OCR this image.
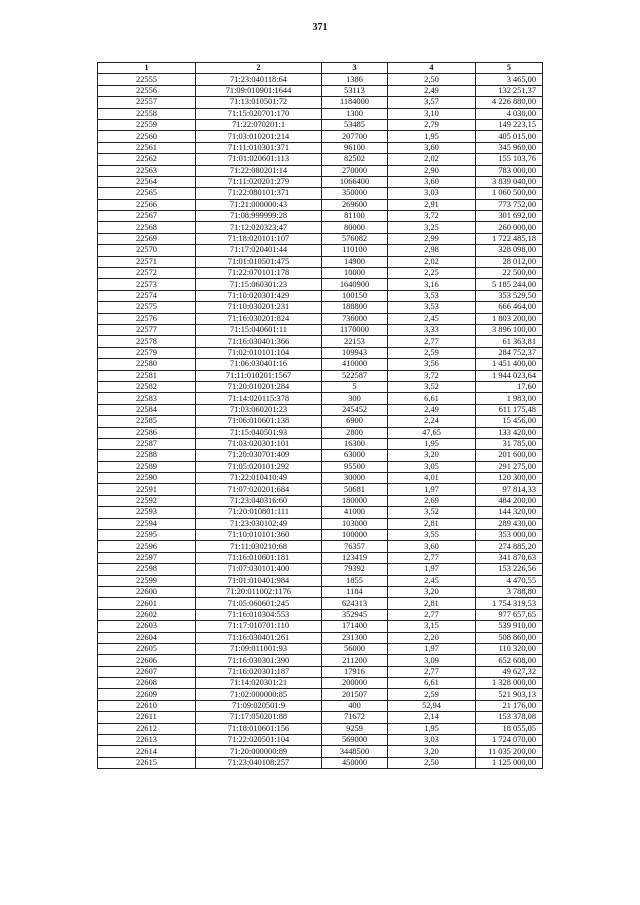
371
1	2	3	4	5
22555	71:23:040118:64	1386	2,50	3 465,00
22556	71:09:010901:1644	53113	2,49	132 251,37
22557	71:13:010501:72	1184000	3,57	4 226 880,00
22558	71:15:020701:170	1300	3,10	4 030,00
22559	71:22:070201:1	53485	2,79	149 223,15
22560	71:03:010201:214	207700	1,95	405 015,00
22561	71:11:010301:371	96100	3,60	345 960,00
22562	71:01:020601:113	82502	2,02	155 103,76
22563	71:22:080201:14	270000	2,90	783 000,00
22564	71:11:020201:279	1066400	3,60	3 839 040,00
22565	71:22:080101:371	350000	3,03	1 060 500,00
22566	71:21:000000:43	269600	2,91	773 752,00
22567	71:08:999999:28	81100	3,72	301 692,00
22568	71:12:020323:47	80000	3,25	260 000,00
22569	71:18:020101:107	576082	2,99	1 722 485,18
22570	71:17:020401:44	110100	2,98	328 098,00
22571	71:01:010501:475	14900	2,02	28 012,00
22572	71:22:070101:178	10000	2,25	22 500,00
22573	71:15:060301:23	1640900	3,16	5 185 244,00
22574	71:10:020301:429	100150	3,53	353 529,50
22575	71:10:030201:231	188800	3,53	666 464,00
22576	71:16:030201:824	736000	2,45	1 803 200,00
22577	71:15:040601:11	1170000	3,33	3 896 100,00
22578	71:16:030401:366	22153	2,77	61 363,81
22579	71:02:010101:104	109943	2,59	284 752,37
22580	71:06:030401:16	410000	3,56	1 451 400,00
22581	71:11:010201:1567	522587	3,72	1 944 023,64
22582	71:20:010201:284	5	3,52	17,60
22583	71:14:020115:378	300	6,61	1 983,00
22584	71:03:060201:23	245452	2,49	611 175,48
22585	71:06:010601:138	6900	2,24	15 456,00
22586	71:15:040501:93	2800	47,65	133 420,00
22587	71:03:020301:101	16300	1,95	31 785,00
22588	71:20:030701:409	63000	3,20	201 600,00
22589	71:05:020101:292	95500	3,05	291 275,00
22590	71:22:010410:49	30000	4,01	120 300,00
22591	71:07:020201:684	50681	1,97	97 814,33
22592	71:23:040316:60	180000	2,69	484 200,00
22593	71:20:010801:111	41000	3,52	144 320,00
22594	71:23:030102:49	103000	2,81	289 430,00
22595	71:10:010101:360	100000	3,55	353 000,00
22596	71:11:030210:68	76357	3,60	274 885,20
22597	71:16:010601:181	123419	2,77	341 870,63
22598	71:07:030101:400	79392	1,97	153 226,56
22599	71:01:010401:984	1855	2,45	4 470,55
22600	71:20:011002:1176	1184	3,20	3 788,80
22601	71:05:060601:245	624313	2,81	1 754 319,53
22602	71:16:010304:553	352945	2,77	977 657,65
22603	71:17:010701:110	171400	3,15	539 910,00
22604	71:16:030401:261	231300	2,20	508 860,00
22605	71:09:011001:93	56000	1,97	110 320,00
22606	71:16:030301:390	211200	3,09	652 608,00
22607	71:16:020301:187	17916	2,77	49 627,32
22608	71:14:020301:21	200000	6,61	1 328 000,00
22609	71:02:000000:85	201507	2,59	521 903,13
22610	71:09:020501:9	400	52,94	21 176,00
22611	71:17:050201:88	71672	2,14	153 378,08
22612	71:18:010601:156	9259	1,95	18 055,05
22613	71:22:020501:104	569000	3,03	1 724 070,00
22614	71:20:000000:89	3448500	3,20	11 035 200,00
22615	71:23:040108:257	450000	2,50	1 125 000,00
